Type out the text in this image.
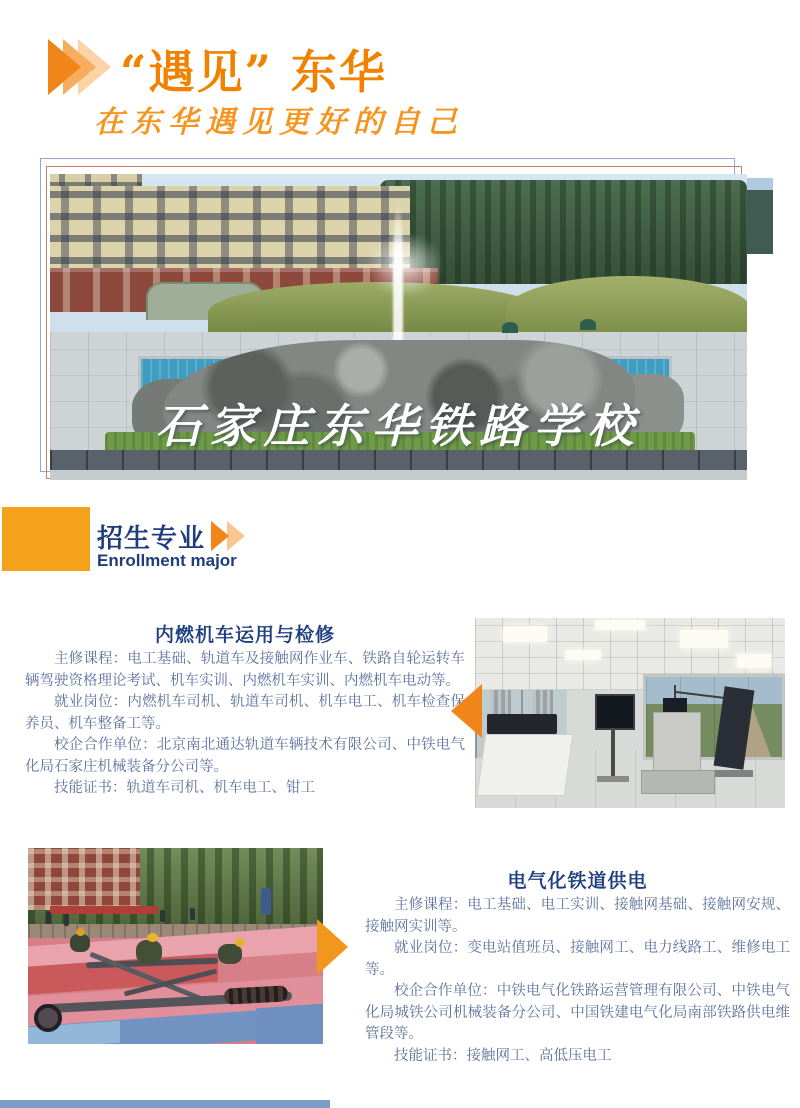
“遇见” 东华
在东华遇见更好的自己
石家庄东华铁路学校
招生专业
Enrollment major
内燃机车运用与检修

主修课程：电工基础、轨道车及接触网作业车、铁路自轮运转车辆驾驶资格理论考试、机车实训、内燃机车实训、内燃机车电动等。

就业岗位：内燃机车司机、轨道车司机、机车电工、机车检查保养员、机车整备工等。

校企合作单位：北京南北通达轨道车辆技术有限公司、中铁电气化局石家庄机械装备分公司等。

技能证书：轨道车司机、机车电工、钳工

电气化铁道供电

主修课程：电工基础、电工实训、接触网基础、接触网安规、接触网实训等。

就业岗位：变电站值班员、接触网工、电力线路工、维修电工等。

校企合作单位：中铁电气化铁路运营管理有限公司、中铁电气化局城铁公司机械装备分公司、中国铁建电气化局南部铁路供电维管段等。

技能证书：接触网工、高低压电工
